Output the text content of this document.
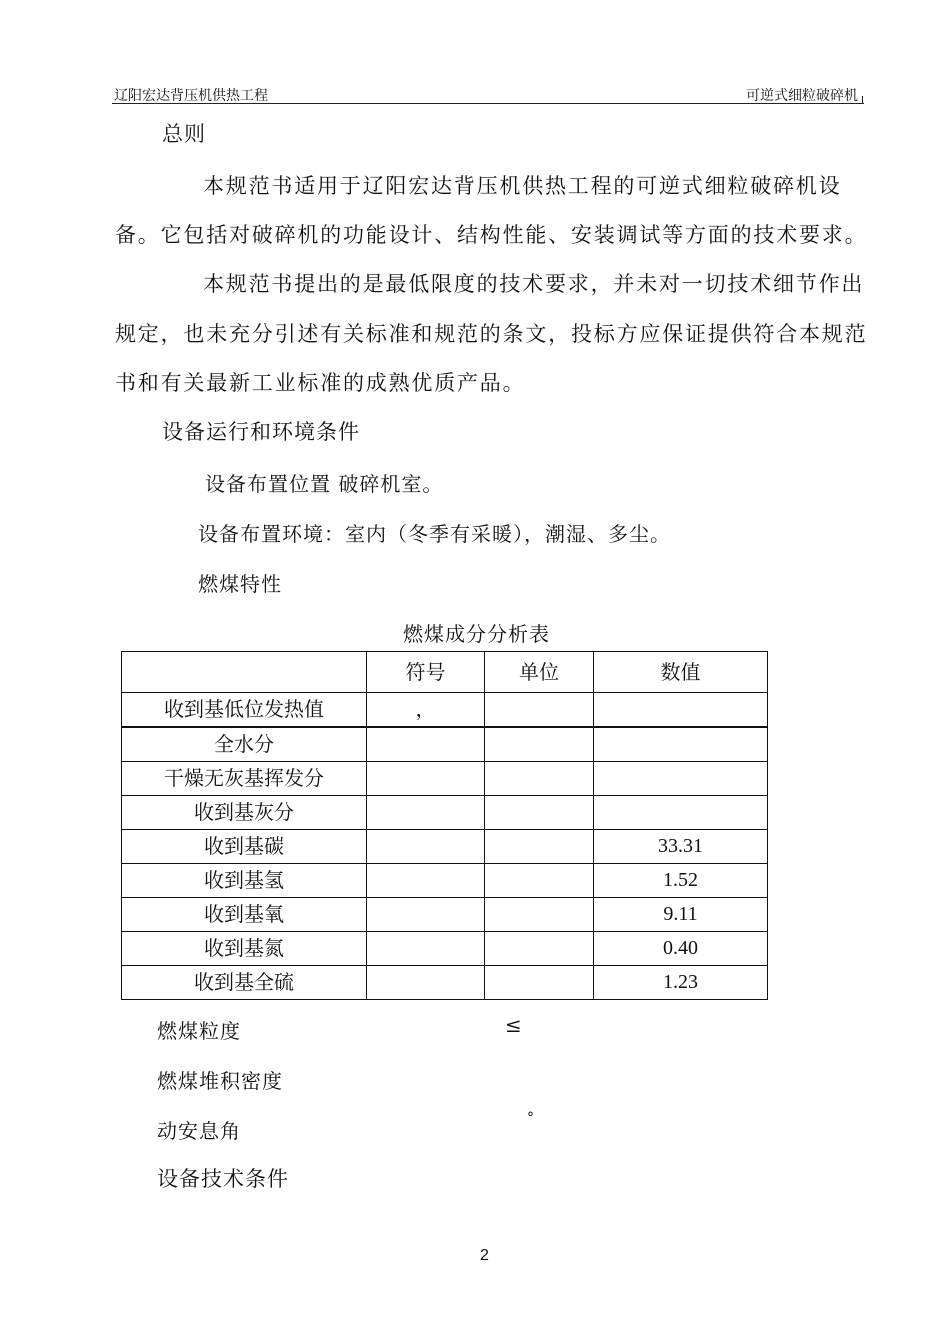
辽阳宏达背压机供热工程	可逆式细粒破碎机
总则
本规范书适用于辽阳宏达背压机供热工程的可逆式细粒破碎机设
备。它包括对破碎机的功能设计、结构性能、安装调试等方面的技术要求。
本规范书提出的是最低限度的技术要求，并未对一切技术细节作出
规定，也未充分引述有关标准和规范的条文，投标方应保证提供符合本规范
书和有关最新工业标准的成熟优质产品。
设备运行和环境条件
设备布置位置 破碎机室。
设备布置环境：室内（冬季有采暖），潮湿、多尘。
燃煤特性
燃煤成分分析表
	符号	单位	数值
收到基低位发热值	，		
全水分			
干燥无灰基挥发分			
收到基灰分			
收到基碳			33.31
收到基氢			1.52
收到基氧			9.11
收到基氮			0.40
收到基全硫			1.23
燃煤粒度	≤
燃煤堆积密度
动安息角
°
设备技术条件
2
